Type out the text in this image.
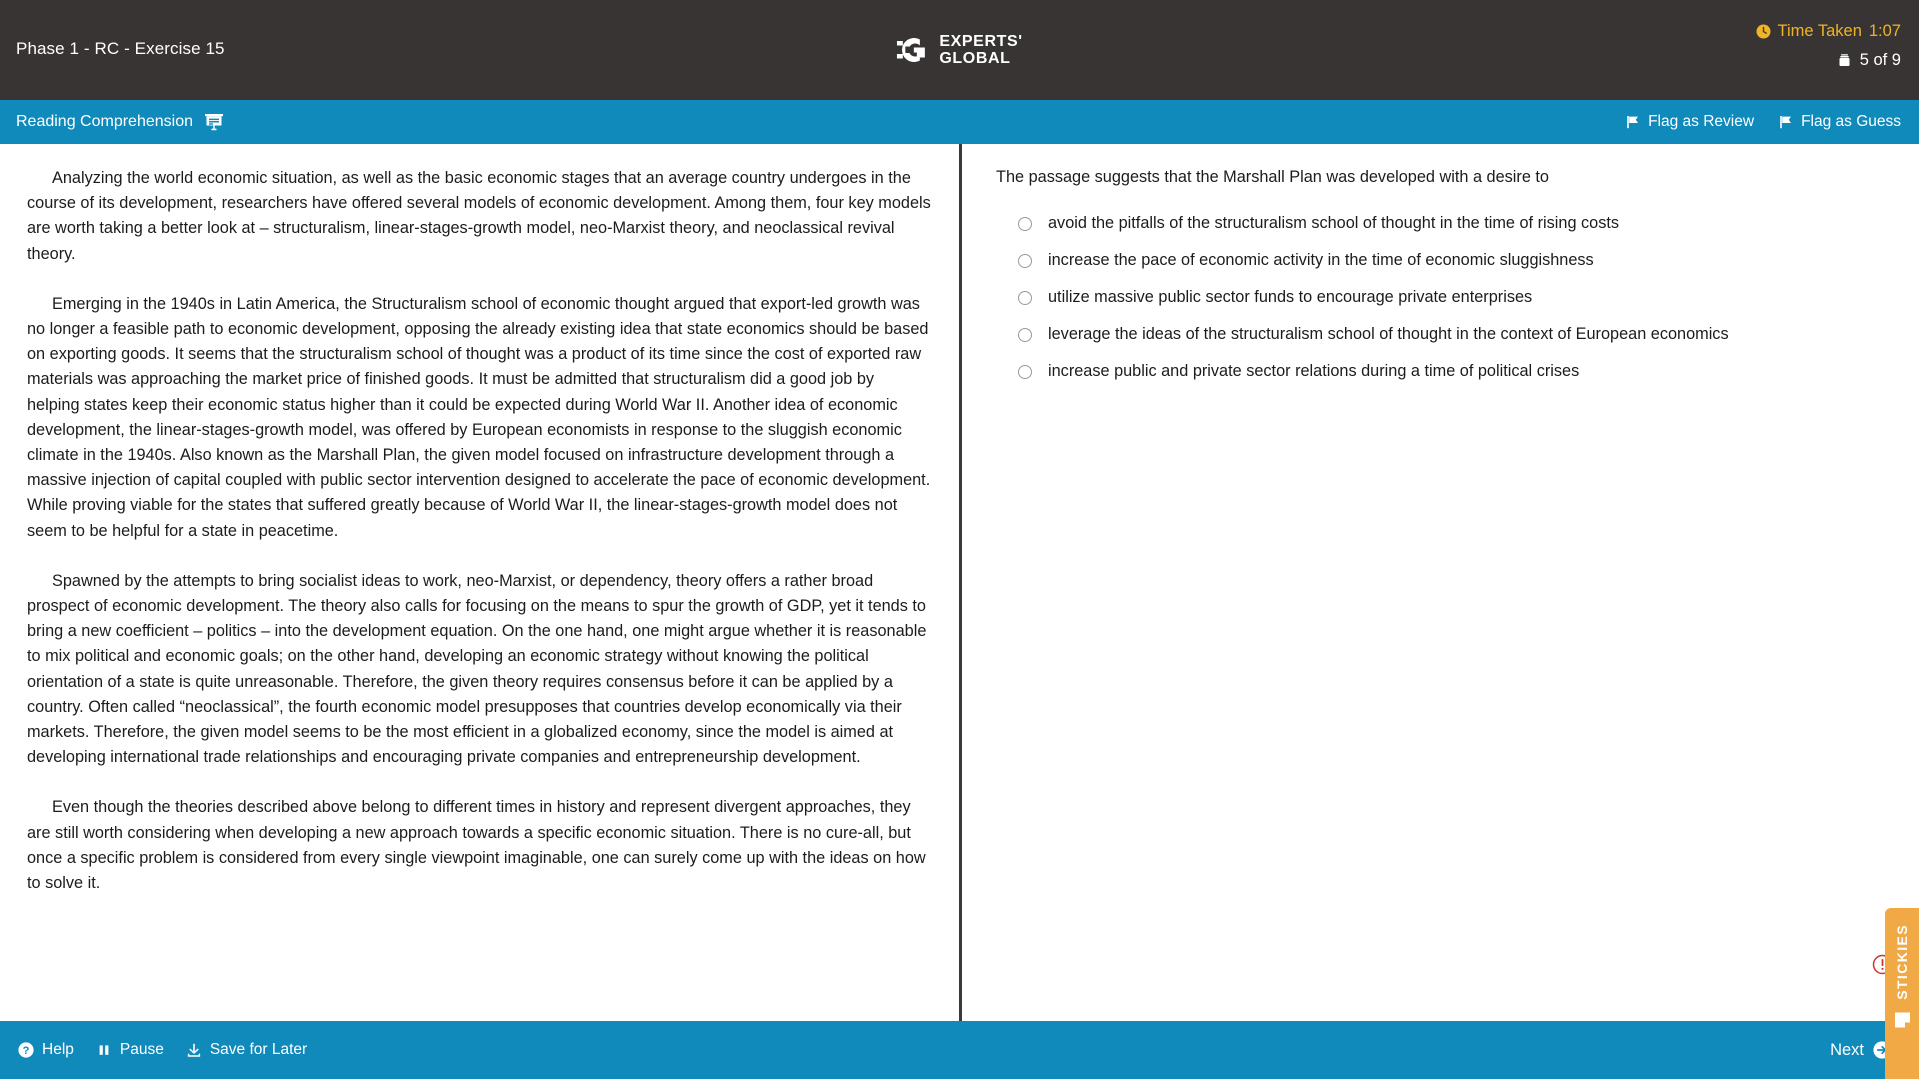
Phase 1 - RC - Exercise 15	EXPERTS'
GLOBAL
Time Taken 1:07
5 of 9
Reading Comprehension	Flag as Review	Flag as Guess

Analyzing the world economic situation, as well as the basic economic stages that an average country undergoes in the course of its development, researchers have offered several models of economic development. Among them, four key models are worth taking a better look at – structuralism, linear-stages-growth model, neo-Marxist theory, and neoclassical revival theory.

Emerging in the 1940s in Latin America, the Structuralism school of economic thought argued that export-led growth was no longer a feasible path to economic development, opposing the already existing idea that state economics should be based on exporting goods. It seems that the structuralism school of thought was a product of its time since the cost of exported raw materials was approaching the market price of finished goods. It must be admitted that structuralism did a good job by helping states keep their economic status higher than it could be expected during World War II. Another idea of economic development, the linear-stages-growth model, was offered by European economists in response to the sluggish economic climate in the 1940s. Also known as the Marshall Plan, the given model focused on infrastructure development through a massive injection of capital coupled with public sector intervention designed to accelerate the pace of economic development. While proving viable for the states that suffered greatly because of World War II, the linear-stages-growth model does not seem to be helpful for a state in peacetime.

Spawned by the attempts to bring socialist ideas to work, neo-Marxist, or dependency, theory offers a rather broad prospect of economic development. The theory also calls for focusing on the means to spur the growth of GDP, yet it tends to bring a new coefficient – politics – into the development equation. On the one hand, one might argue whether it is reasonable to mix political and economic goals; on the other hand, developing an economic strategy without knowing the political orientation of a state is quite unreasonable. Therefore, the given theory requires consensus before it can be applied by a country. Often called “neoclassical”, the fourth economic model presupposes that countries develop economically via their markets. Therefore, the given model seems to be the most efficient in a globalized economy, since the model is aimed at developing international trade relationships and encouraging private companies and entrepreneurship development.

Even though the theories described above belong to different times in history and represent divergent approaches, they are still worth considering when developing a new approach towards a specific economic situation. There is no cure-all, but once a specific problem is considered from every single viewpoint imaginable, one can surely come up with the ideas on how to solve it.

The passage suggests that the Marshall Plan was developed with a desire to
avoid the pitfalls of the structuralism school of thought in the time of rising costs
increase the pace of economic activity in the time of economic sluggishness
utilize massive public sector funds to encourage private enterprises
leverage the ideas of the structuralism school of thought in the context of European economics
increase public and private sector relations during a time of political crises
STICKIES
? Help	Pause	Save for Later	Next
